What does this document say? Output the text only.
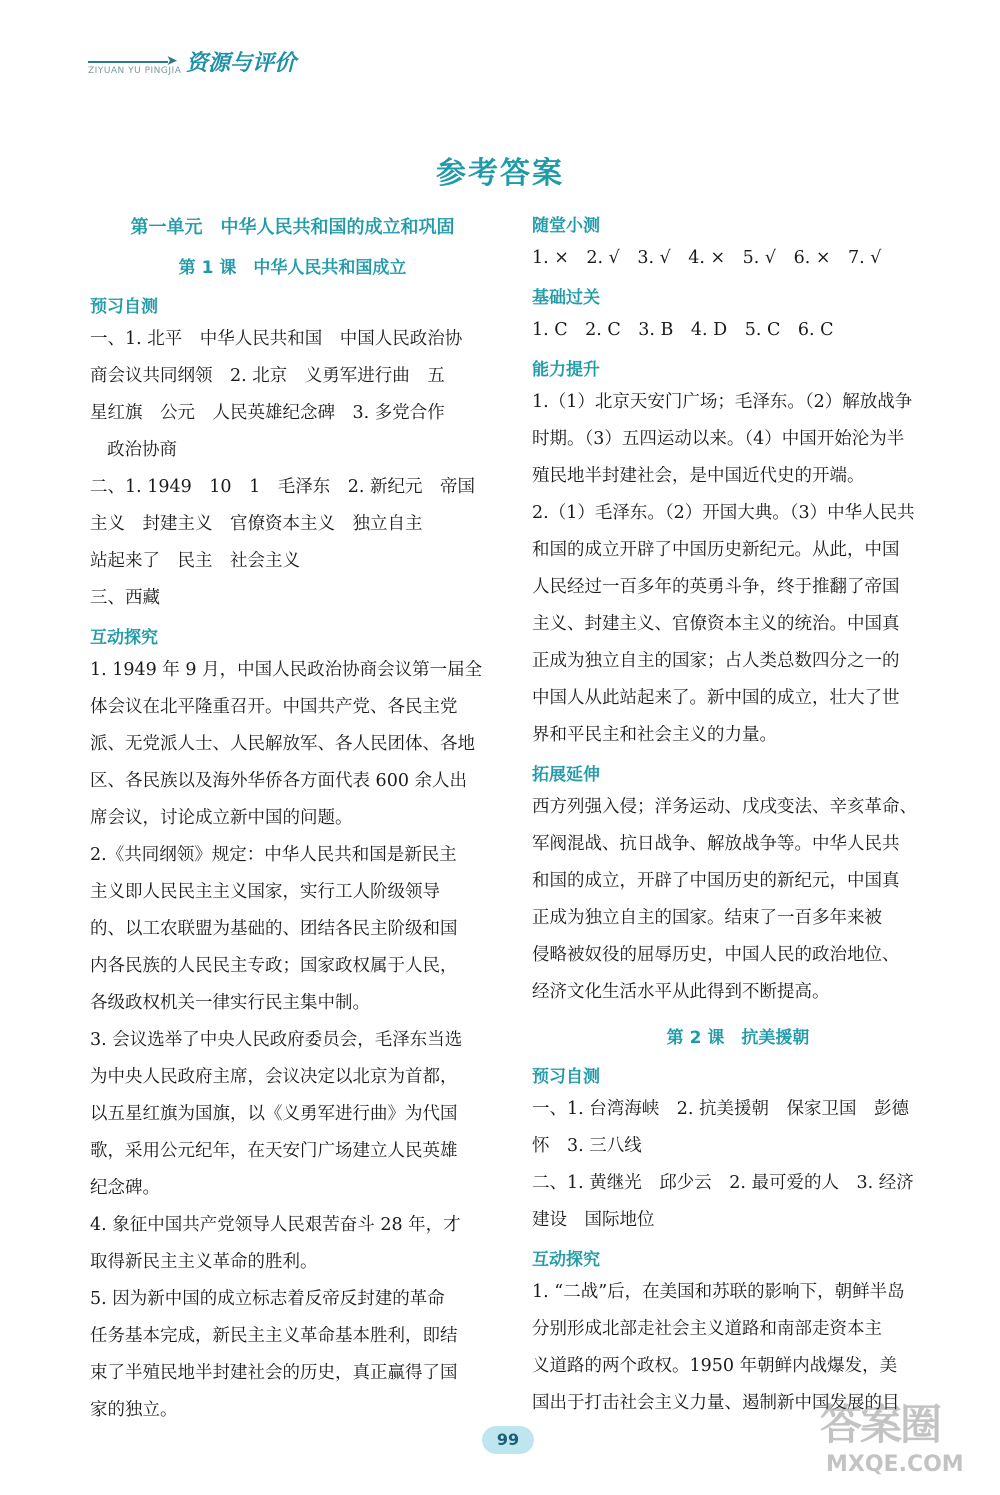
ZIYUAN YU PINGJIA
➤ 资源与评价
参考答案
第一单元　中华人民共和国的成立和巩固
第 1 课　中华人民共和国成立
预习自测

一、1. 北平　中华人民共和国　中国人民政治协

商会议共同纲领　2. 北京　义勇军进行曲　五

星红旗　公元　人民英雄纪念碑　3. 多党合作

政治协商

二、1. 1949　10　1　毛泽东　2. 新纪元　帝国

主义　封建主义　官僚资本主义　独立自主

站起来了　民主　社会主义

三、西藏

互动探究

1. 1949 年 9 月，中国人民政治协商会议第一届全

体会议在北平隆重召开。中国共产党、各民主党

派、无党派人士、人民解放军、各人民团体、各地

区、各民族以及海外华侨各方面代表 600 余人出

席会议，讨论成立新中国的问题。

2.《共同纲领》规定：中华人民共和国是新民主

主义即人民民主主义国家，实行工人阶级领导

的、以工农联盟为基础的、团结各民主阶级和国

内各民族的人民民主专政；国家政权属于人民，

各级政权机关一律实行民主集中制。

3. 会议选举了中央人民政府委员会，毛泽东当选

为中央人民政府主席，会议决定以北京为首都，

以五星红旗为国旗，以《义勇军进行曲》为代国

歌，采用公元纪年，在天安门广场建立人民英雄

纪念碑。

4. 象征中国共产党领导人民艰苦奋斗 28 年，才

取得新民主主义革命的胜利。

5. 因为新中国的成立标志着反帝反封建的革命

任务基本完成，新民主主义革命基本胜利，即结

束了半殖民地半封建社会的历史，真正赢得了国

家的独立。

随堂小测

1. ×　2. √　3. √　4. ×　5. √　6. ×　7. √

基础过关

1. C　2. C　3. B　4. D　5. C　6. C

能力提升

1.（1）北京天安门广场；毛泽东。（2）解放战争

时期。（3）五四运动以来。（4）中国开始沦为半

殖民地半封建社会，是中国近代史的开端。

2.（1）毛泽东。（2）开国大典。（3）中华人民共

和国的成立开辟了中国历史新纪元。从此，中国

人民经过一百多年的英勇斗争，终于推翻了帝国

主义、封建主义、官僚资本主义的统治。中国真

正成为独立自主的国家；占人类总数四分之一的

中国人从此站起来了。新中国的成立，壮大了世

界和平民主和社会主义的力量。

拓展延伸

西方列强入侵；洋务运动、戊戌变法、辛亥革命、

军阀混战、抗日战争、解放战争等。中华人民共

和国的成立，开辟了中国历史的新纪元，中国真

正成为独立自主的国家。结束了一百多年来被

侵略被奴役的屈辱历史，中国人民的政治地位、

经济文化生活水平从此得到不断提高。

第 2 课　抗美援朝
预习自测

一、1. 台湾海峡　2. 抗美援朝　保家卫国　彭德

怀　3. 三八线

二、1. 黄继光　邱少云　2. 最可爱的人　3. 经济

建设　国际地位

互动探究

1. “二战”后，在美国和苏联的影响下，朝鲜半岛

分别形成北部走社会主义道路和南部走资本主

义道路的两个政权。1950 年朝鲜内战爆发，美

国出于打击社会主义力量、遏制新中国发展的目

99	答案圈
MXQE.COM
